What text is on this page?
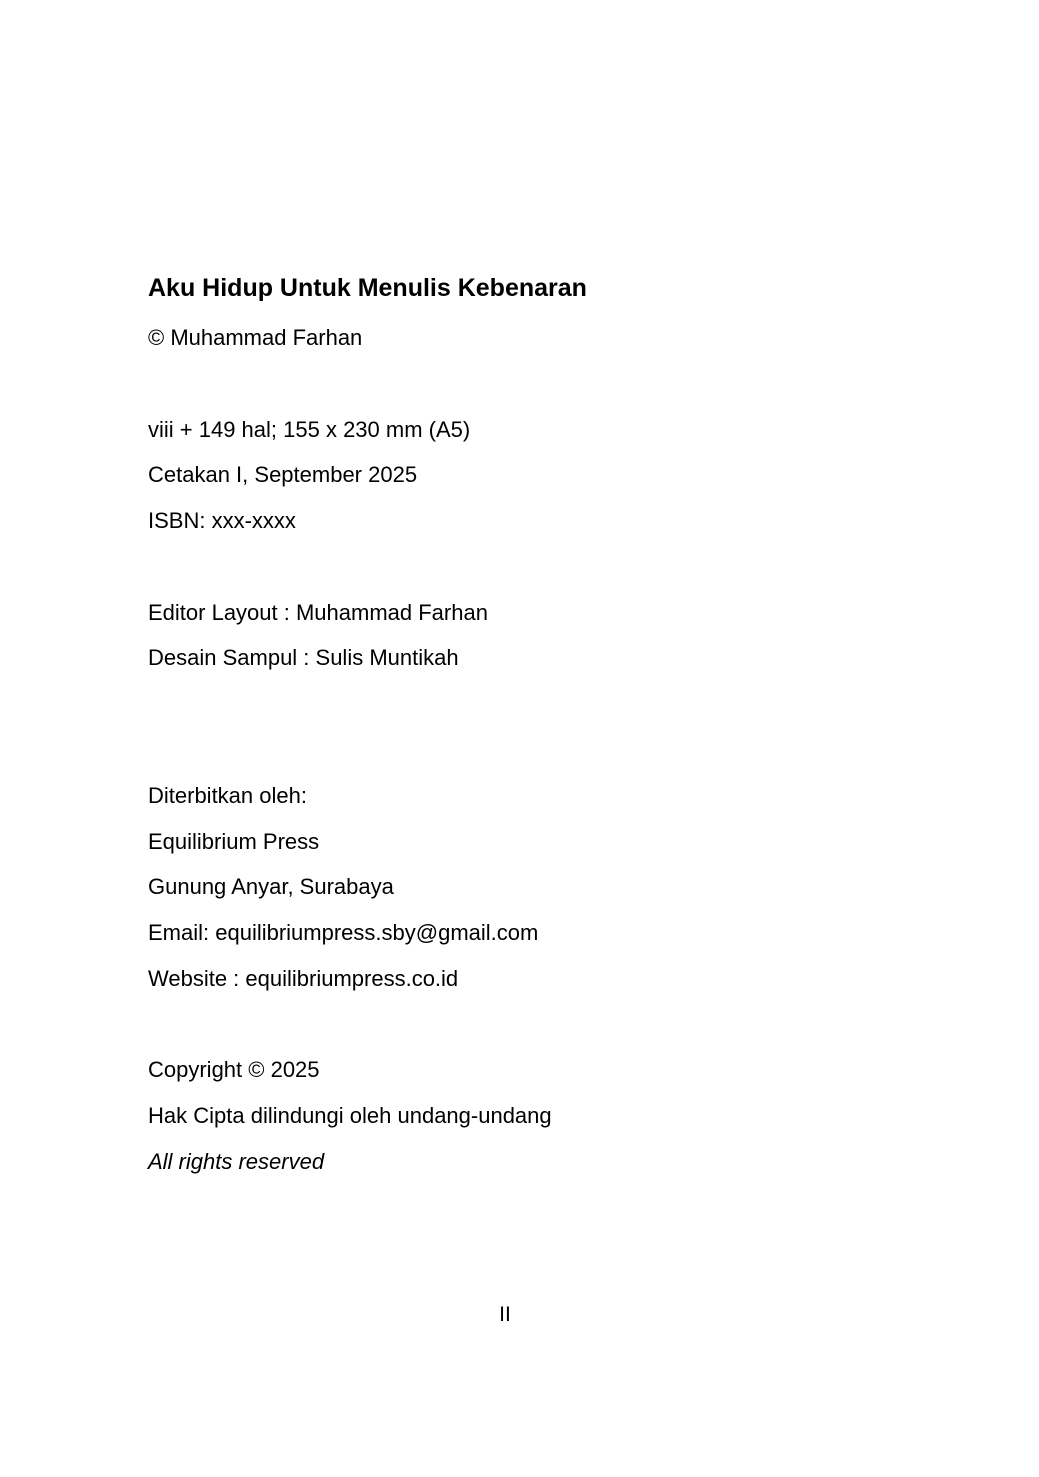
Aku Hidup Untuk Menulis Kebenaran
© Muhammad Farhan
viii + 149 hal; 155 x 230 mm (A5)
Cetakan I, September 2025
ISBN: xxx-xxxx
Editor Layout : Muhammad Farhan
Desain Sampul : Sulis Muntikah
Diterbitkan oleh:
Equilibrium Press
Gunung Anyar, Surabaya
Email: equilibriumpress.sby@gmail.com
Website : equilibriumpress.co.id
Copyright © 2025
Hak Cipta dilindungi oleh undang-undang
All rights reserved
II
